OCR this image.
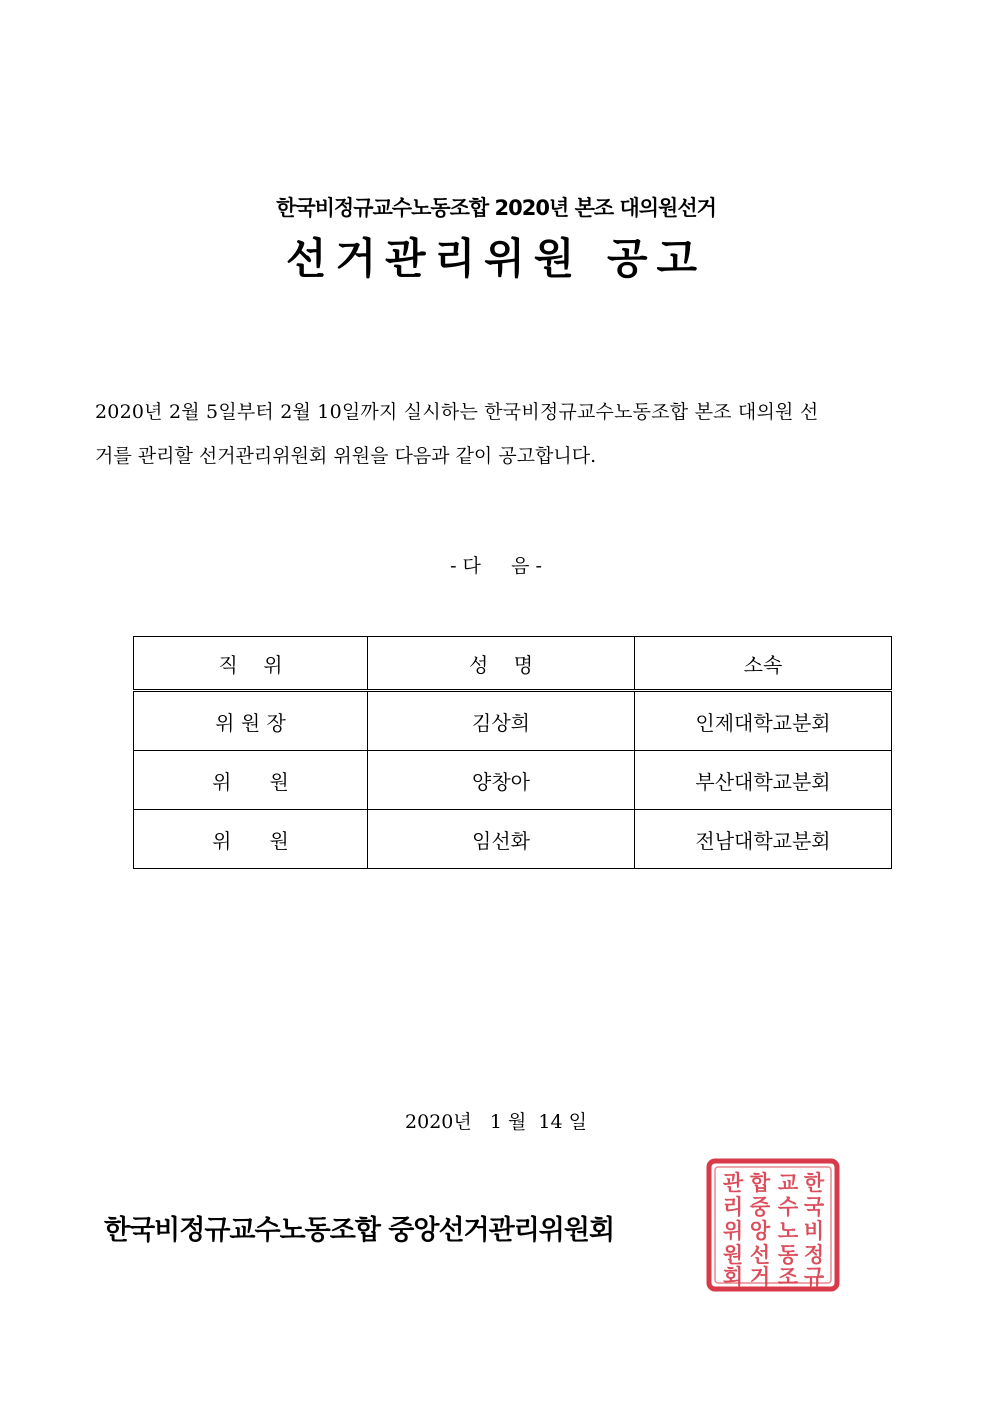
한국비정규교수노동조합 2020년 본조 대의원선거
선거관리위원 공고
2020년 2월 5일부터 2월 10일까지 실시하는 한국비정규교수노동조합 본조 대의원 선
거를 관리할 선거관리위원회 위원을 다음과 같이 공고합니다.
- 다     음 -
직    위	성    명	소속
위 원 장	김상희	인제대학교분회
위      원	양창아	부산대학교분회
위      원	임선화	전남대학교분회
2020년   1 월  14 일
한국비정규교수노동조합 중앙선거관리위원회
한
국
비
정
규
교
수
노
동
조
합
중
앙
선
거
관
리
위
원
회
